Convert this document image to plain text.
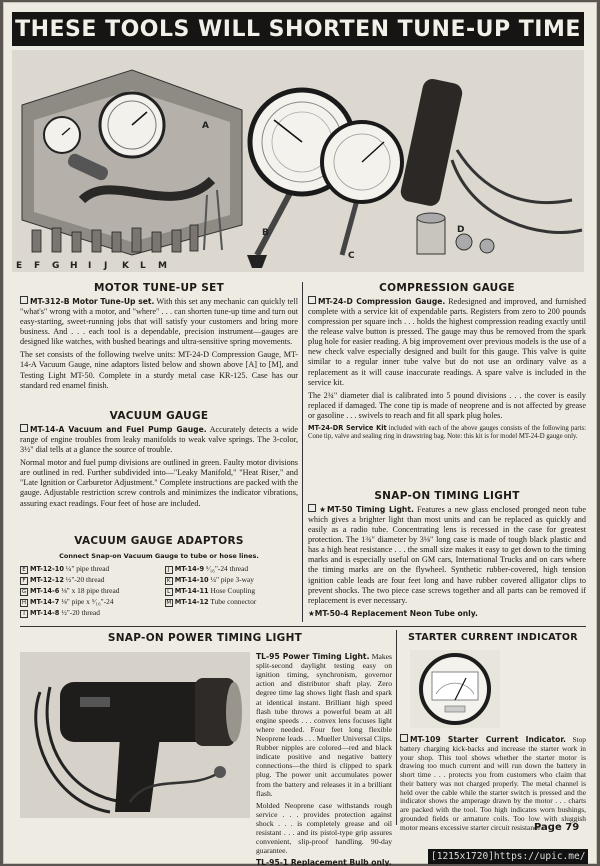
THESE TOOLS WILL SHORTEN TUNE-UP TIME
A
E F G H I J K L M
B
C
D
MOTOR TUNE-UP SET

MT-312-B Motor Tune-Up set. With this set any mechanic can quickly tell "what's" wrong with a motor, and "where" . . . can shorten tune-up time and turn out easy-starting, sweet-running jobs that will satisfy your customers and bring more business. And . . . each tool is a dependable, precision instrument—gauges are designed like watches, with bushed bearings and ultra-sensitive spring movements.

The set consists of the following twelve units: MT-24-D Compression Gauge, MT-14-A Vacuum Gauge, nine adaptors listed below and shown above [A] to [M], and Testing Light MT-50. Complete in a sturdy metal case KR-125. Case has our standard red enamel finish.

VACUUM GAUGE

MT-14-A Vacuum and Fuel Pump Gauge. Accurately detects a wide range of engine troubles from leaky manifolds to weak valve springs. The 3-color, 3½" dial tells at a glance the source of trouble.

Normal motor and fuel pump divisions are outlined in green. Faulty motor divisions are outlined in red. Further subdivided into—"Leaky Manifold," "Heat Riser," and "Late Ignition or Carburetor Adjustment." Complete instructions are packed with the gauge. Adjustable restriction screw controls and minimizes the indicator vibrations, assuring exact readings. Four feet of hose are included.

VACUUM GAUGE ADAPTORS
Connect Snap-on Vacuum Gauge to tube or hose lines.
E MT-12-10 ¼" pipe thread	J MT-14-9 ⁵⁄₁₆"-24 thread
F MT-12-12 ½"-20 thread	K MT-14-10 ¼" pipe 3-way
G MT-14-6 ⅛" x 18 pipe thread	L MT-14-11 Hose Coupling
H MT-14-7 ⅛" pipe x ⁵⁄₁₆"-24	M MT-14-12 Tube connector
I MT-14-8 ½"-20 thread	
COMPRESSION GAUGE

MT-24-D Compression Gauge. Redesigned and improved, and furnished complete with a service kit of expendable parts. Registers from zero to 200 pounds compression per square inch . . . holds the highest compression reading exactly until the release valve button is pressed. The gauge may thus be removed from the spark plug hole for easier reading. A big improvement over previous models is the use of a new check valve especially designed and built for this gauge. This valve is quite similar to a regular inner tube valve but do not use an ordinary valve as a replacement as it will cause inaccurate readings. A spare valve is included in the service kit.

The 2¾" diameter dial is calibrated into 5 pound divisions . . . the cover is easily replaced if damaged. The cone tip is made of neoprene and is not affected by grease or gasoline . . . swivels to reach and fit all spark plug holes.

MT-24-DR Service Kit included with each of the above gauges consists of the following parts: Cone tip, valve and sealing ring in drawstring bag. Note: this kit is for model MT-24-D gauge only.

SNAP-ON TIMING LIGHT

★MT-50 Timing Light. Features a new glass enclosed pronged neon tube which gives a brighter light than most units and can be replaced as quickly and easily as a radio tube. Concentrating lens is recessed in the case for greatest protection. The 1¾" diameter by 3⅛" long case is made of tough black plastic and has a high heat resistance . . . the small size makes it easy to get down to the timing marks and is especially useful on GM cars, International Trucks and on cars where the timing marks are on the flywheel. Synthetic rubber-covered, high tension ignition cable leads are four feet long and have rubber covered alligator clips to prevent shocks. The two piece case screws together and all parts can be removed if replacement is ever necessary.

★MT-50-4 Replacement Neon Tube only.

SNAP-ON POWER TIMING LIGHT

TL-95 Power Timing Light. Makes split-second daylight testing easy on ignition timing, synchronism, governor action and distributor shaft play. Zero degree time lag shows light flash and spark at identical instant. Brilliant high speed flash tube throws a powerful beam at all engine speeds . . . convex lens focuses light where needed. Four feet long flexible Neoprene leads . . . Mueller Universal Clips. Rubber nipples are colored—red and black indicate positive and negative battery connections—the third is clipped to spark plug. The power unit accumulates power from the battery and releases it in a brilliant flash.

Molded Neoprene case withstands rough service . . . provides protection against shock . . . is completely grease and oil resistant . . . and its pistol-type grip assures convenient, slip-proof handling. 90-day guarantee.

TL-95-1 Replacement Bulb only.

STARTER CURRENT INDICATOR

MT-109 Starter Current Indicator. Stop battery charging kick-backs and increase the starter work in your shop. This tool shows whether the starter motor is drawing too much current and will run down the battery in short time . . . protects you from customers who claim that their battery was not charged properly. The metal channel is held over the cable while the starter switch is pressed and the indicator shows the amperage drawn by the motor . . . charts are packed with the tool. Too high indicates worn bushings, grounded fields or armature coils. Too low with sluggish motor means excessive starter circuit resistance.

Page 79
[1215x1720]https://upic.me/
